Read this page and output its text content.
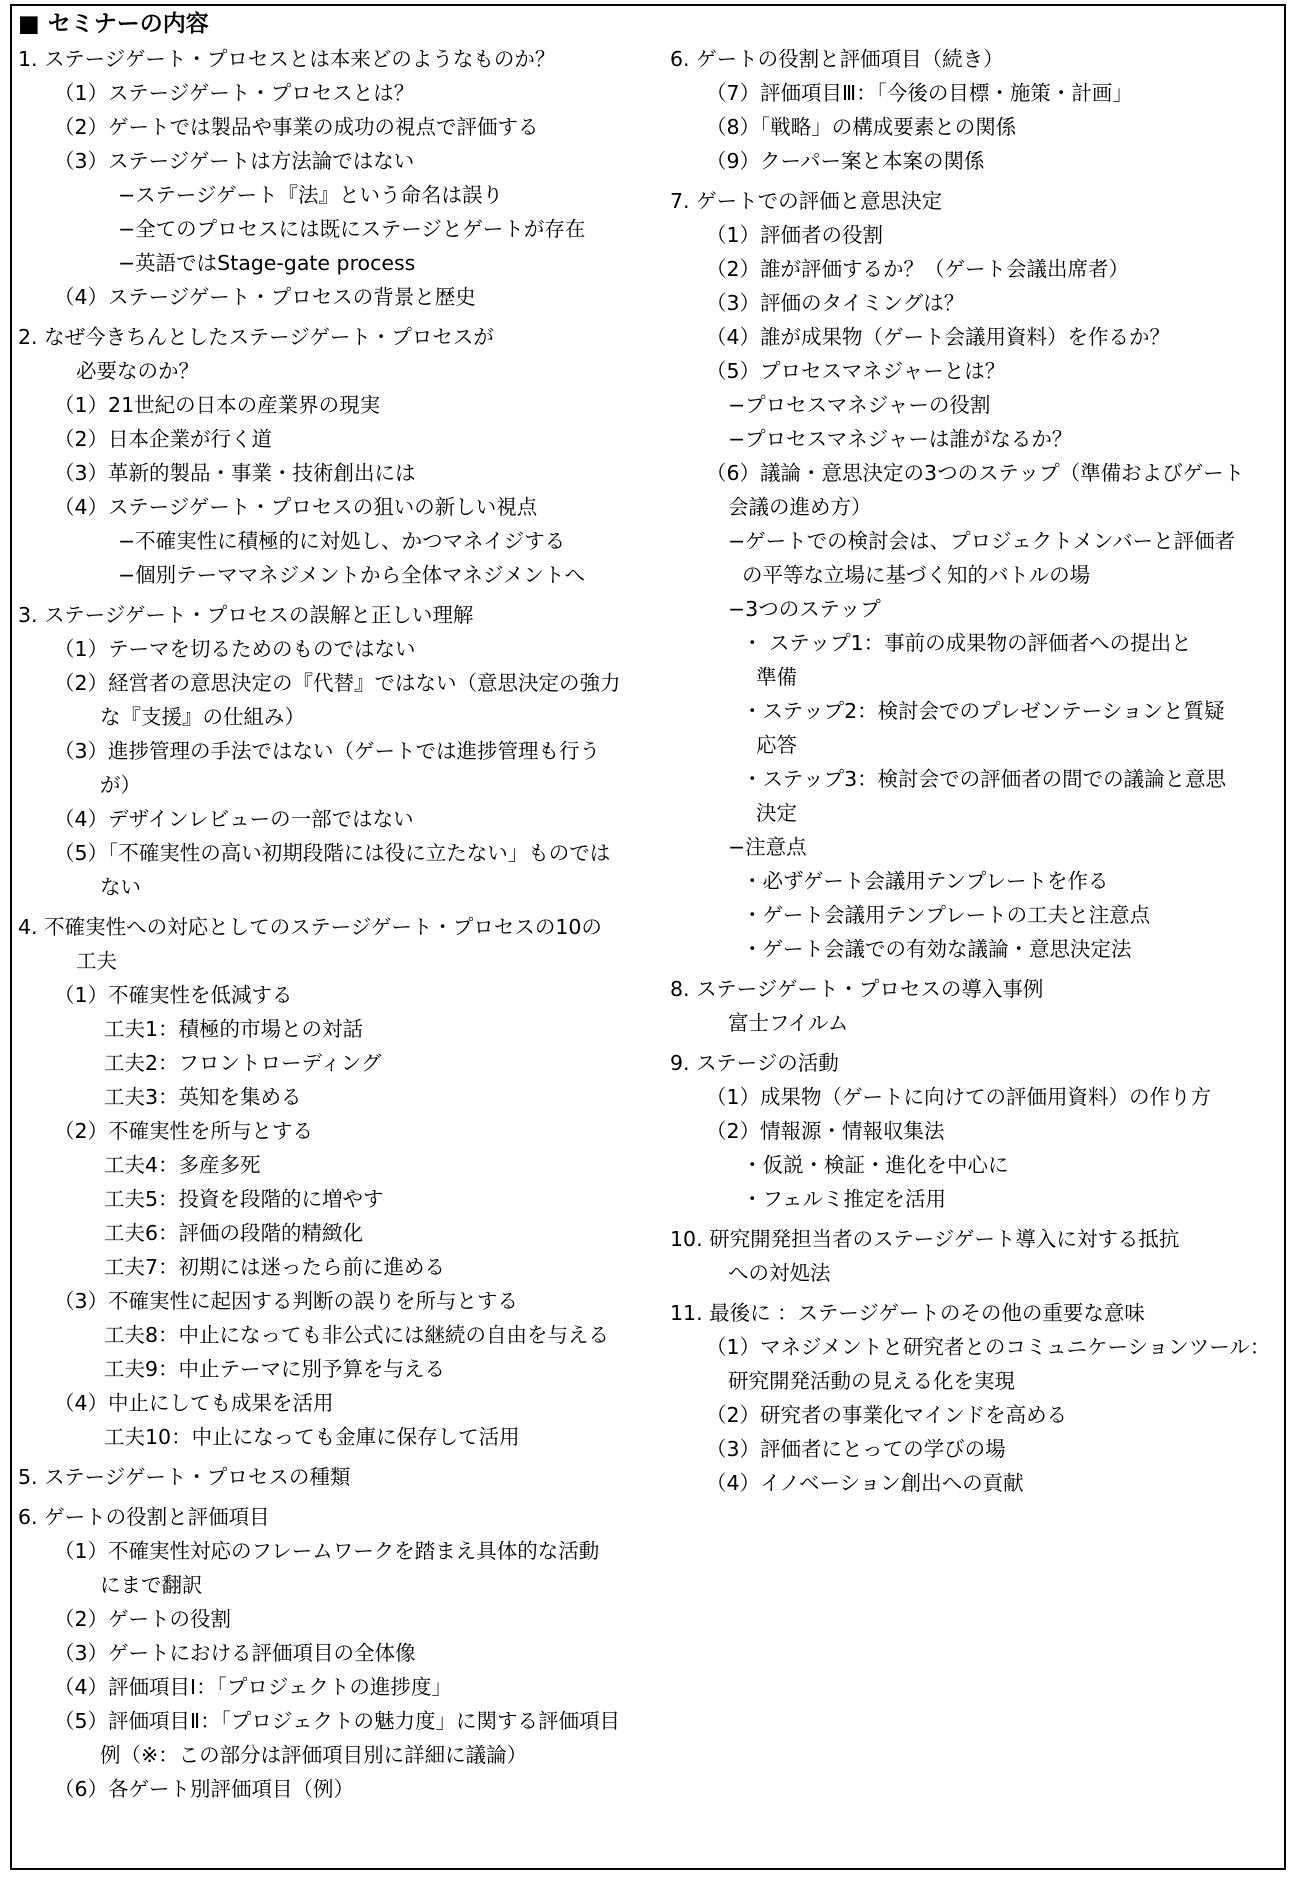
■ セミナーの内容
1. ステージゲート・プロセスとは本来どのようなものか？
（1）ステージゲート・プロセスとは？
（2）ゲートでは製品や事業の成功の視点で評価する
（3）ステージゲートは方法論ではない
−ステージゲート『法』という命名は誤り
−全てのプロセスには既にステージとゲートが存在
−英語ではStage-gate process
（4）ステージゲート・プロセスの背景と歴史
2. なぜ今きちんとしたステージゲート・プロセスが
必要なのか？
（1）21世紀の日本の産業界の現実
（2）日本企業が行く道
（3）革新的製品・事業・技術創出には
（4）ステージゲート・プロセスの狙いの新しい視点
−不確実性に積極的に対処し、かつマネイジする
−個別テーママネジメントから全体マネジメントへ
3. ステージゲート・プロセスの誤解と正しい理解
（1）テーマを切るためのものではない
（2）経営者の意思決定の『代替』ではない（意思決定の強力
な『支援』の仕組み）
（3）進捗管理の手法ではない（ゲートでは進捗管理も行う
が）
（4）デザインレビューの一部ではない
（5）「不確実性の高い初期段階には役に立たない」ものでは
ない
4. 不確実性への対応としてのステージゲート・プロセスの10の
工夫
（1）不確実性を低減する
工夫1：積極的市場との対話
工夫2：フロントローディング
工夫3：英知を集める
（2）不確実性を所与とする
工夫4：多産多死
工夫5：投資を段階的に増やす
工夫6：評価の段階的精緻化
工夫7：初期には迷ったら前に進める
（3）不確実性に起因する判断の誤りを所与とする
工夫8：中止になっても非公式には継続の自由を与える
工夫9：中止テーマに別予算を与える
（4）中止にしても成果を活用
工夫10：中止になっても金庫に保存して活用
5. ステージゲート・プロセスの種類
6. ゲートの役割と評価項目
（1）不確実性対応のフレームワークを踏まえ具体的な活動
にまで翻訳
（2）ゲートの役割
（3）ゲートにおける評価項目の全体像
（4）評価項目Ⅰ：「プロジェクトの進捗度」
（5）評価項目Ⅱ：「プロジェクトの魅力度」に関する評価項目
例（※：この部分は評価項目別に詳細に議論）
（6）各ゲート別評価項目（例）
6. ゲートの役割と評価項目（続き）
（7）評価項目Ⅲ：「今後の目標・施策・計画」
（8）「戦略」の構成要素との関係
（9）クーパー案と本案の関係
7. ゲートでの評価と意思決定
（1）評価者の役割
（2）誰が評価するか？（ゲート会議出席者）
（3）評価のタイミングは？
（4）誰が成果物（ゲート会議用資料）を作るか？
（5）プロセスマネジャーとは？
−プロセスマネジャーの役割
−プロセスマネジャーは誰がなるか？
（6）議論・意思決定の3つのステップ（準備およびゲート
会議の進め方）
−ゲートでの検討会は、プロジェクトメンバーと評価者
の平等な立場に基づく知的バトルの場
−3つのステップ
・ ステップ1：事前の成果物の評価者への提出と
準備
・ステップ2：検討会でのプレゼンテーションと質疑
応答
・ステップ3：検討会での評価者の間での議論と意思
決定
−注意点
・必ずゲート会議用テンプレートを作る
・ゲート会議用テンプレートの工夫と注意点
・ゲート会議での有効な議論・意思決定法
8. ステージゲート・プロセスの導入事例
富士フイルム
9. ステージの活動
（1）成果物（ゲートに向けての評価用資料）の作り方
（2）情報源・情報収集法
・仮説・検証・進化を中心に
・フェルミ推定を活用
10. 研究開発担当者のステージゲート導入に対する抵抗
への対処法
11. 最後に ：ステージゲートのその他の重要な意味
（1）マネジメントと研究者とのコミュニケーションツール：
研究開発活動の見える化を実現
（2）研究者の事業化マインドを高める
（3）評価者にとっての学びの場
（4）イノベーション創出への貢献
